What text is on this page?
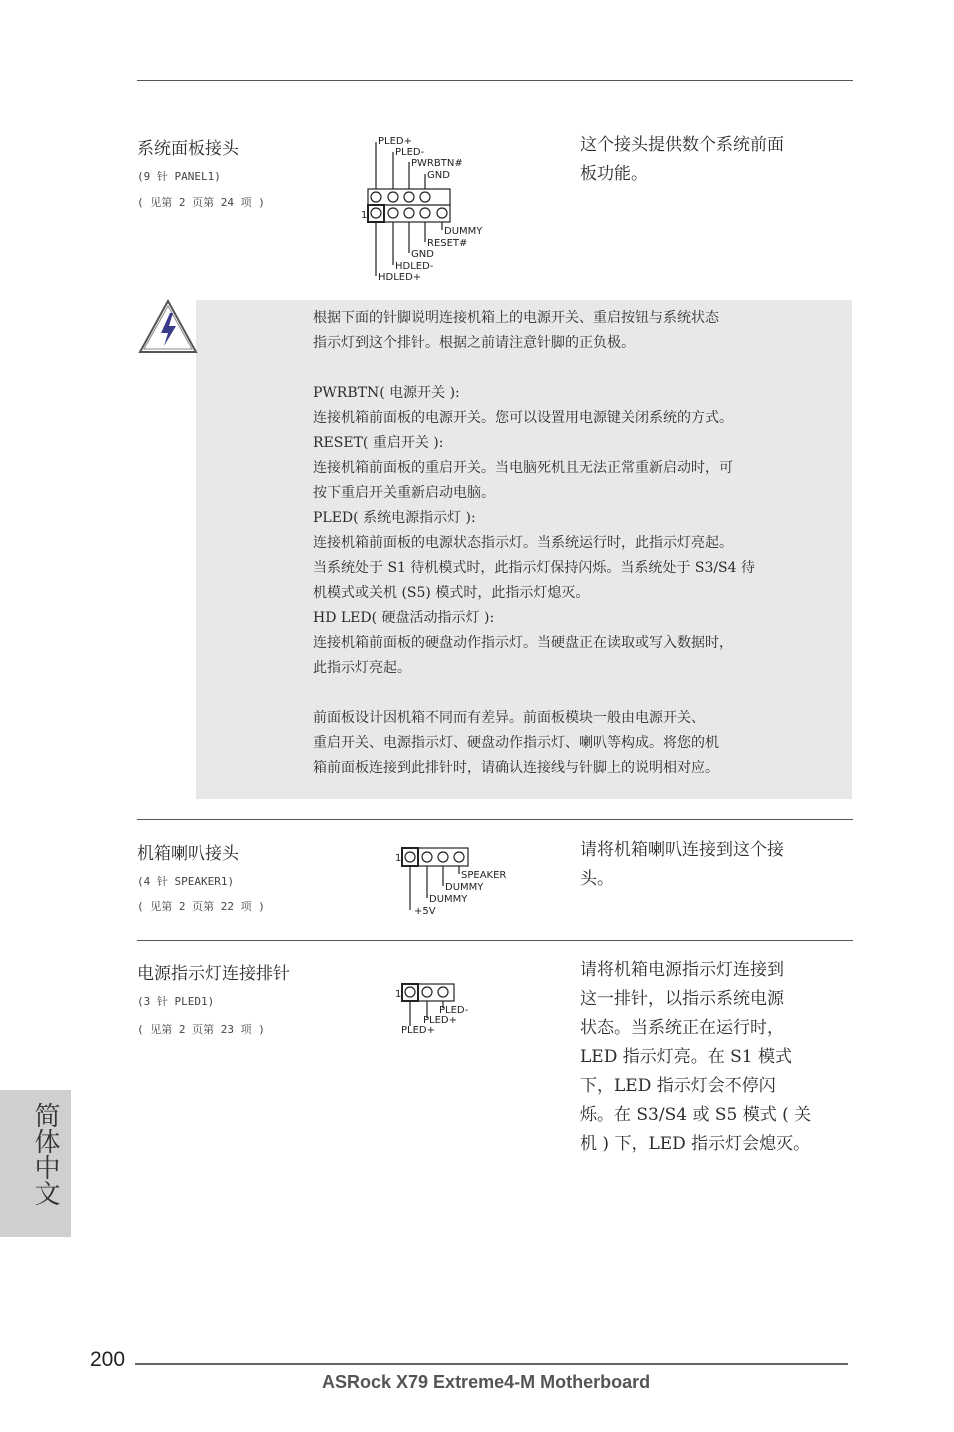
系统面板接头
(9 针 PANEL1)
( 见第 2 页第 24 项 )
PLED+
PLED-
PWRBTN#
GND
DUMMY
RESET#
GND
HDLED-
HDLED+
1
这个接头提供数个系统前面
板功能。

根据下面的针脚说明连接机箱上的电源开关、重启按钮与系统状态

指示灯到这个排针。根据之前请注意针脚的正负极。

PWRBTN( 电源开关 ):

连接机箱前面板的电源开关。您可以设置用电源键关闭系统的方式。

RESET( 重启开关 ):

连接机箱前面板的重启开关。当电脑死机且无法正常重新启动时，可

按下重启开关重新启动电脑。

PLED( 系统电源指示灯 ):

连接机箱前面板的电源状态指示灯。当系统运行时，此指示灯亮起。

当系统处于 S1 待机模式时，此指示灯保持闪烁。当系统处于 S3/S4 待

机模式或关机 (S5) 模式时，此指示灯熄灭。

HD LED( 硬盘活动指示灯 ):

连接机箱前面板的硬盘动作指示灯。当硬盘正在读取或写入数据时，

此指示灯亮起。

前面板设计因机箱不同而有差异。前面板模块一般由电源开关、

重启开关、电源指示灯、硬盘动作指示灯、喇叭等构成。将您的机

箱前面板连接到此排针时，请确认连接线与针脚上的说明相对应。

机箱喇叭接头
(4 针 SPEAKER1)
( 见第 2 页第 22 项 )
SPEAKER
DUMMY
DUMMY
+5V
1	请将机箱喇叭连接到这个接
头。
电源指示灯连接排针
(3 针 PLED1)
( 见第 2 页第 23 项 )
PLED-
PLED+
PLED+
1
请将机箱电源指示灯连接到
这一排针，以指示系统电源
状态。当系统正在运行时，
LED 指示灯亮。在 S1 模式
下，LED 指示灯会不停闪
烁。在 S3/S4 或 S5 模式 ( 关
机 ) 下，LED 指示灯会熄灭。
简体中文
200
ASRock X79 Extreme4-M Motherboard
